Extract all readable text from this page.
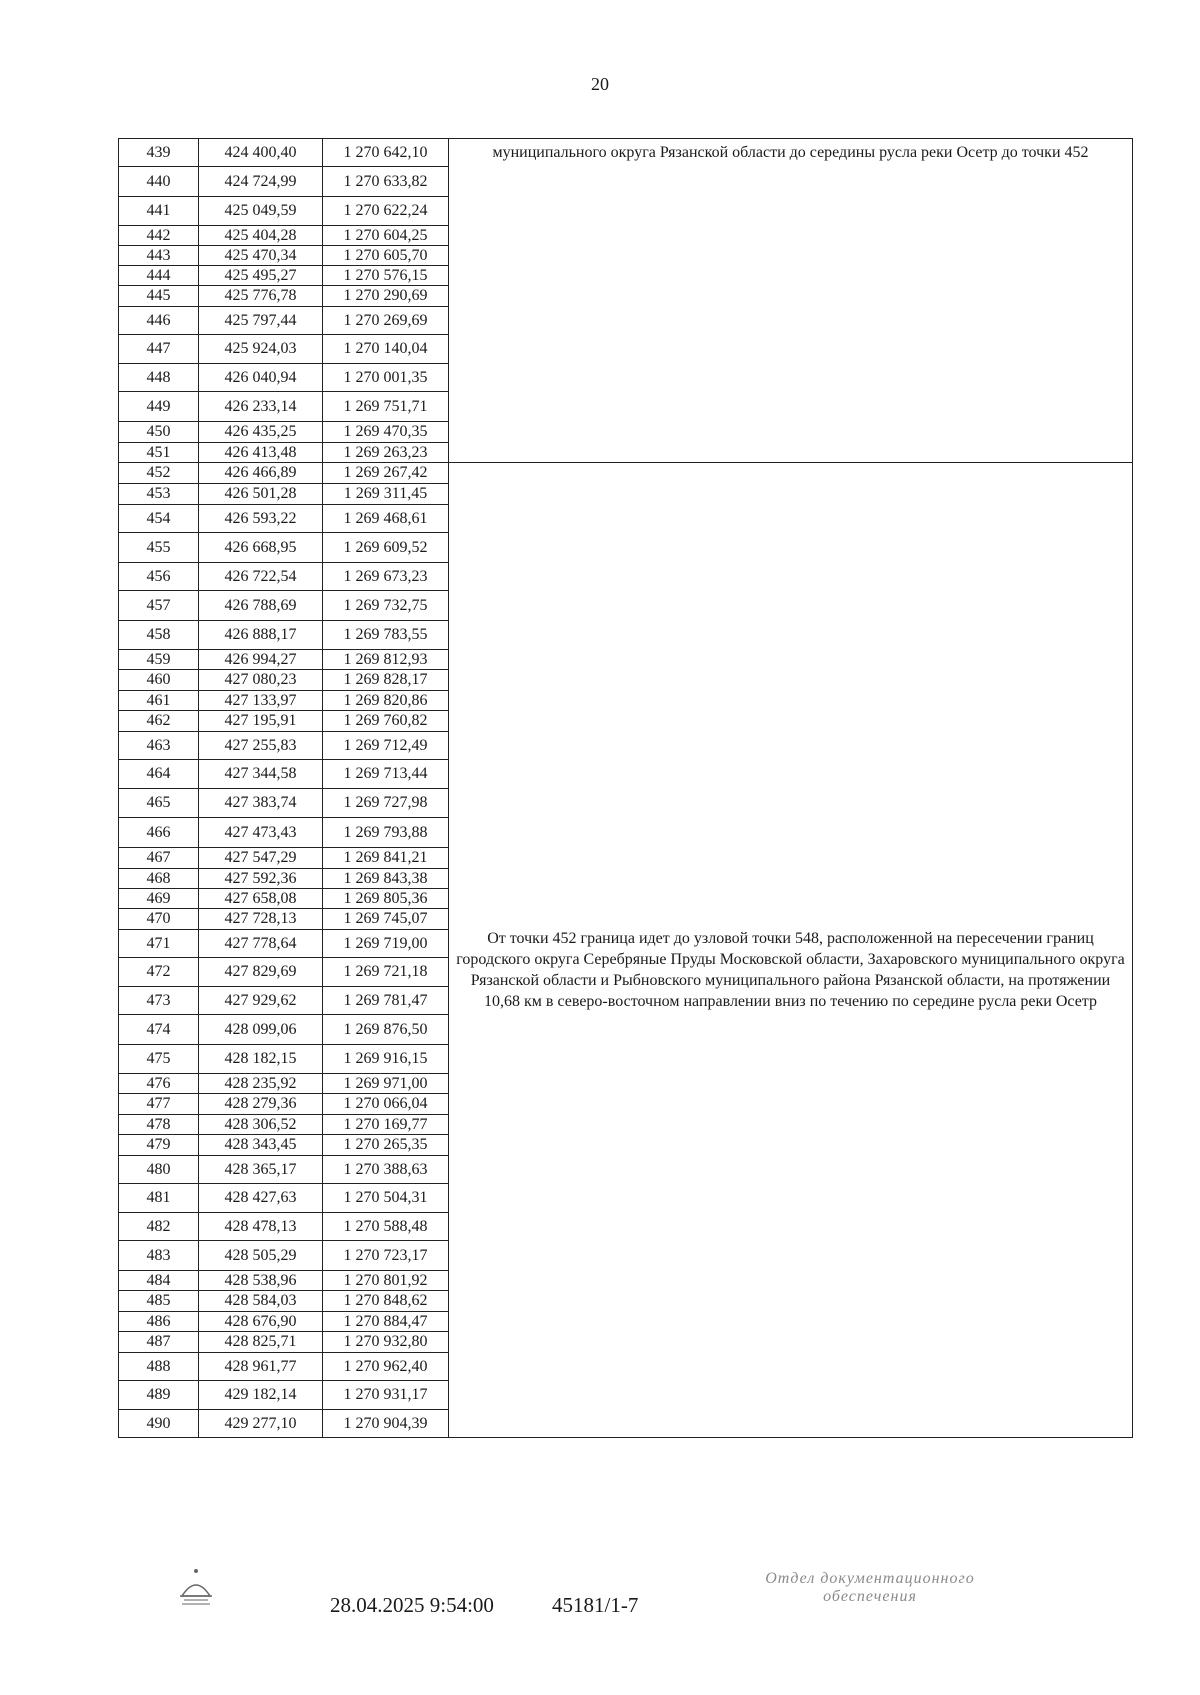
20
439	424 400,40	1 270 642,10	муниципального округа Рязанской области до середины русла реки Осетр до точки 452

440	424 724,99	1 270 633,82	
441	425 049,59	1 270 622,24	
442	425 404,28	1 270 604,25	
443	425 470,34	1 270 605,70	
444	425 495,27	1 270 576,15	
445	425 776,78	1 270 290,69	
446	425 797,44	1 270 269,69	
447	425 924,03	1 270 140,04	
448	426 040,94	1 270 001,35	
449	426 233,14	1 269 751,71	
450	426 435,25	1 269 470,35	
451	426 413,48	1 269 263,23	
452	426 466,89	1 269 267,42	От точки 452 граница идет до узловой точки 548, расположенной на пересечении границ городского округа Серебряные Пруды Московской области, Захаровского муниципального округа Рязанской области и Рыбновского муниципального района Рязанской области, на протяжении 10,68 км в северо-восточном направлении вниз по течению по середине русла реки Осетр

453	426 501,28	1 269 311,45	
454	426 593,22	1 269 468,61	
455	426 668,95	1 269 609,52	
456	426 722,54	1 269 673,23	
457	426 788,69	1 269 732,75	
458	426 888,17	1 269 783,55	
459	426 994,27	1 269 812,93	
460	427 080,23	1 269 828,17	
461	427 133,97	1 269 820,86	
462	427 195,91	1 269 760,82	
463	427 255,83	1 269 712,49	
464	427 344,58	1 269 713,44	
465	427 383,74	1 269 727,98	
466	427 473,43	1 269 793,88	
467	427 547,29	1 269 841,21	
468	427 592,36	1 269 843,38	
469	427 658,08	1 269 805,36	
470	427 728,13	1 269 745,07	
471	427 778,64	1 269 719,00	
472	427 829,69	1 269 721,18	
473	427 929,62	1 269 781,47	
474	428 099,06	1 269 876,50	
475	428 182,15	1 269 916,15	
476	428 235,92	1 269 971,00	
477	428 279,36	1 270 066,04	
478	428 306,52	1 270 169,77	
479	428 343,45	1 270 265,35	
480	428 365,17	1 270 388,63	
481	428 427,63	1 270 504,31	
482	428 478,13	1 270 588,48	
483	428 505,29	1 270 723,17	
484	428 538,96	1 270 801,92	
485	428 584,03	1 270 848,62	
486	428 676,90	1 270 884,47	
487	428 825,71	1 270 932,80	
488	428 961,77	1 270 962,40	
489	429 182,14	1 270 931,17	
490	429 277,10	1 270 904,39	
28.04.2025 9:54:00	45181/1-7
Отдел документационного обеспечения
